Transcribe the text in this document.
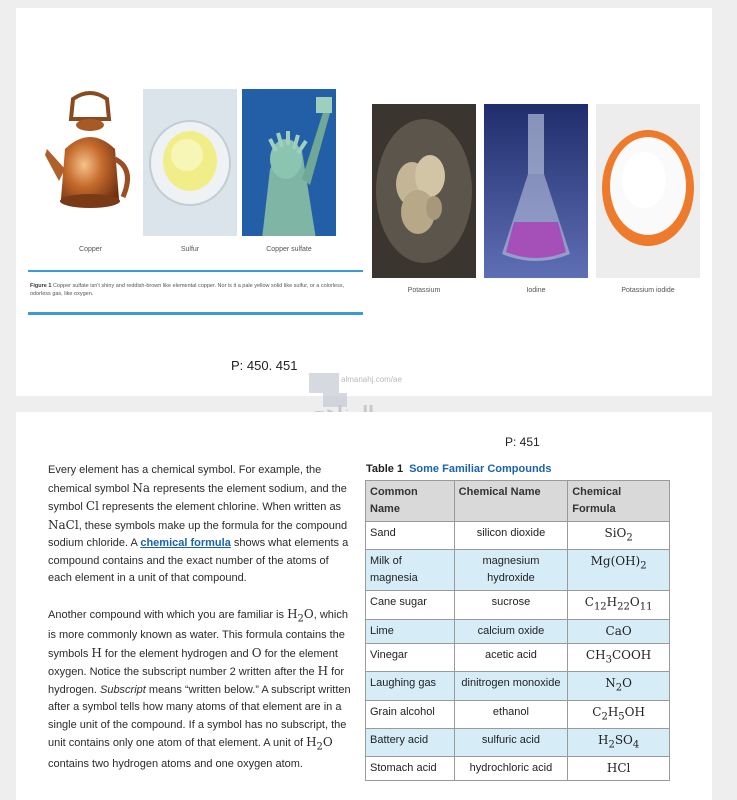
Copper	Sulfur	Copper sulfate
Figure 1 Copper sulfate isn't shiny and reddish-brown like elemental copper. Nor is it a pale yellow solid like sulfur, or a colorless, odorless gas, like oxygen.	Potassium	Iodine	Potassium iodide
P: 450. 451
almanahj.com/ae
P: 451

Every element has a chemical symbol. For example, the chemical symbol Na represents the element sodium, and the symbol Cl represents the element chlorine. When written as NaCl, these symbols make up the formula for the compound sodium chloride. A chemical formula shows what elements a compound contains and the exact number of the atoms of each element in a unit of that compound.

Another compound with which you are familiar is $H_2O$, which is more commonly known as water. This formula contains the symbols H for the element hydrogen and O for the element oxygen. Notice the subscript number 2 written after the H for hydrogen. Subscript means “written below.” A subscript written after a symbol tells how many atoms of that element are in a single unit of the compound. If a symbol has no subscript, the unit contains only one atom of that element. A unit of $H_2O$ contains two hydrogen atoms and one oxygen atom.

Table 1 Some Familiar Compounds
Common Name	Chemical Name	Chemical Formula
Sand	silicon dioxide	SiO$_2$
Milk of magnesia	magnesium hydroxide	$Mg(OH)_2$
Cane sugar	sucrose	$C_{12}H_{22}O_{11}$
Lime	calcium oxide	CaO
Vinegar	acetic acid	$CH_3COOH$
Laughing gas	dinitrogen monoxide	$N_2O$
Grain alcohol	ethanol	$C_2H_5OH$
Battery acid	sulfuric acid	$H_2SO_4$
Stomach acid	hydrochloric acid	HCl
